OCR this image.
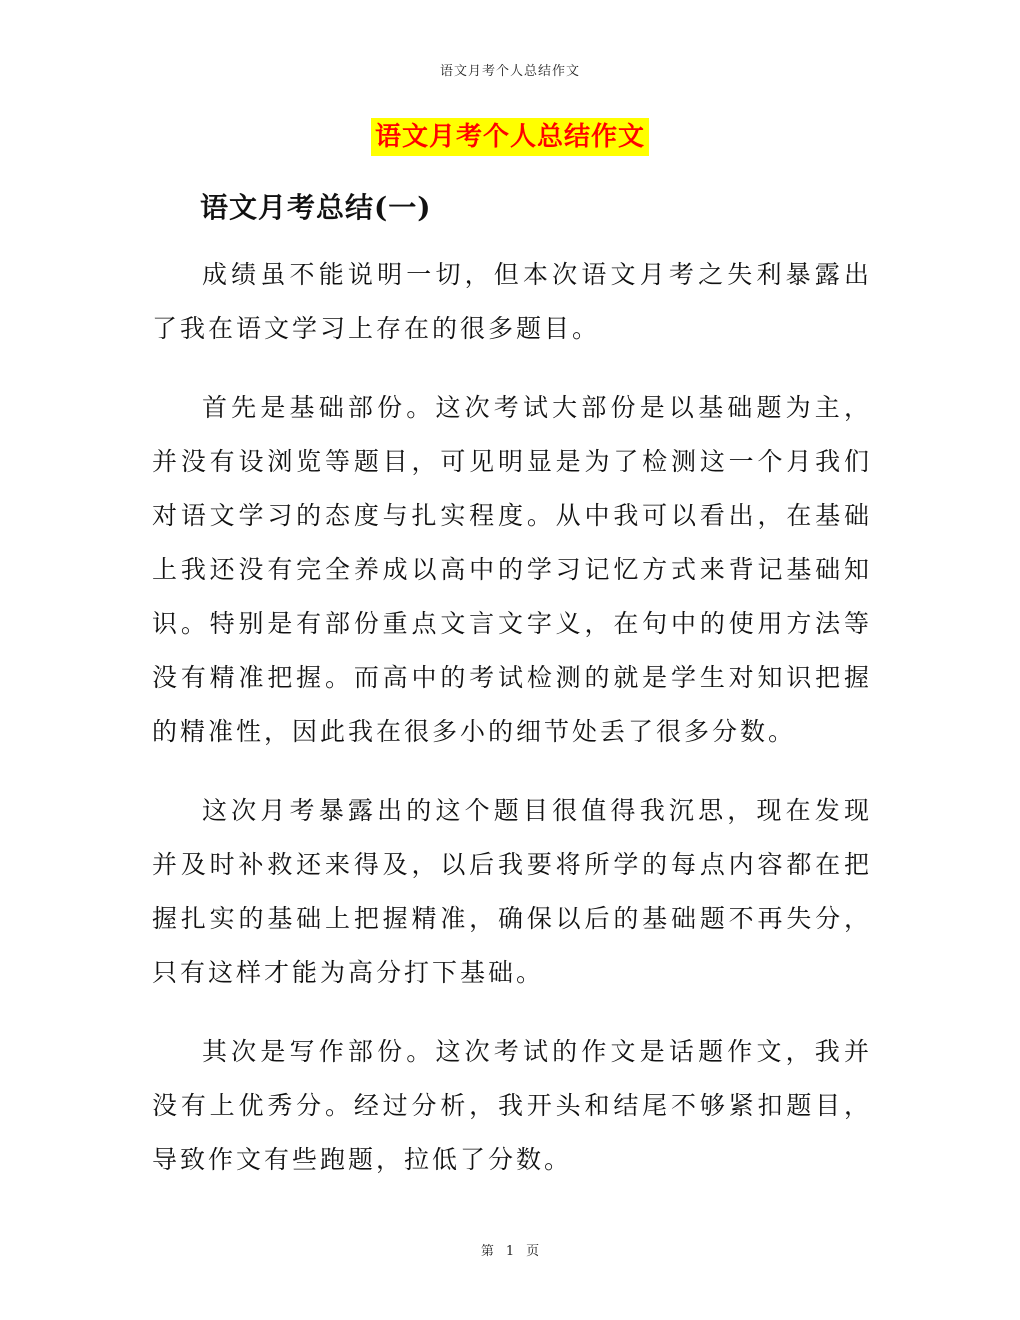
语文月考个人总结作文
语文月考个人总结作文
语文月考总结(一)

成绩虽不能说明一切，但本次语文月考之失利暴露出了我在语文学习上存在的很多题目。

首先是基础部份。这次考试大部份是以基础题为主，并没有设浏览等题目，可见明显是为了检测这一个月我们对语文学习的态度与扎实程度。从中我可以看出，在基础上我还没有完全养成以高中的学习记忆方式来背记基础知识。特别是有部份重点文言文字义，在句中的使用方法等没有精准把握。而高中的考试检测的就是学生对知识把握的精准性，因此我在很多小的细节处丢了很多分数。

这次月考暴露出的这个题目很值得我沉思，现在发现并及时补救还来得及，以后我要将所学的每点内容都在把握扎实的基础上把握精准，确保以后的基础题不再失分，只有这样才能为高分打下基础。

其次是写作部份。这次考试的作文是话题作文，我并没有上优秀分。经过分析，我开头和结尾不够紧扣题目，导致作文有些跑题，拉低了分数。

第 1 页
